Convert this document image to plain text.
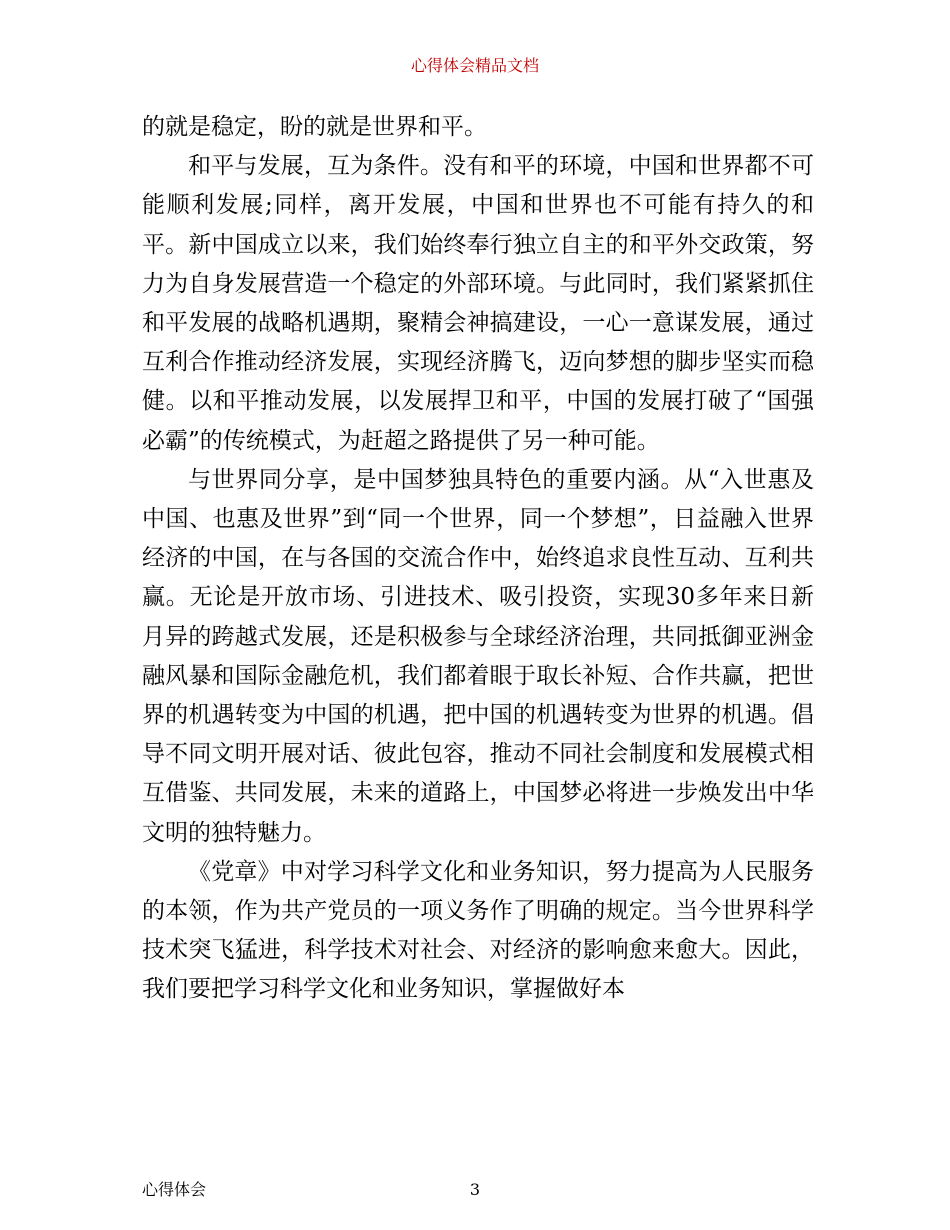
心得体会精品文档

的就是稳定，盼的就是世界和平。

和平与发展，互为条件。没有和平的环境，中国和世界都不可能顺利发展;同样，离开发展，中国和世界也不可能有持久的和平。新中国成立以来，我们始终奉行独立自主的和平外交政策，努力为自身发展营造一个稳定的外部环境。与此同时，我们紧紧抓住和平发展的战略机遇期，聚精会神搞建设，一心一意谋发展，通过互利合作推动经济发展，实现经济腾飞，迈向梦想的脚步坚实而稳健。以和平推动发展，以发展捍卫和平，中国的发展打破了“国强必霸”的传统模式，为赶超之路提供了另一种可能。

与世界同分享，是中国梦独具特色的重要内涵。从“入世惠及中国、也惠及世界”到“同一个世界，同一个梦想”，日益融入世界经济的中国，在与各国的交流合作中，始终追求良性互动、互利共赢。无论是开放市场、引进技术、吸引投资，实现30多年来日新月异的跨越式发展，还是积极参与全球经济治理，共同抵御亚洲金融风暴和国际金融危机，我们都着眼于取长补短、合作共赢，把世界的机遇转变为中国的机遇，把中国的机遇转变为世界的机遇。倡导不同文明开展对话、彼此包容，推动不同社会制度和发展模式相互借鉴、共同发展，未来的道路上，中国梦必将进一步焕发出中华文明的独特魅力。

《党章》中对学习科学文化和业务知识，努力提高为人民服务的本领，作为共产党员的一项义务作了明确的规定。当今世界科学技术突飞猛进，科学技术对社会、对经济的影响愈来愈大。因此，我们要把学习科学文化和业务知识，掌握做好本

心得体会	3
